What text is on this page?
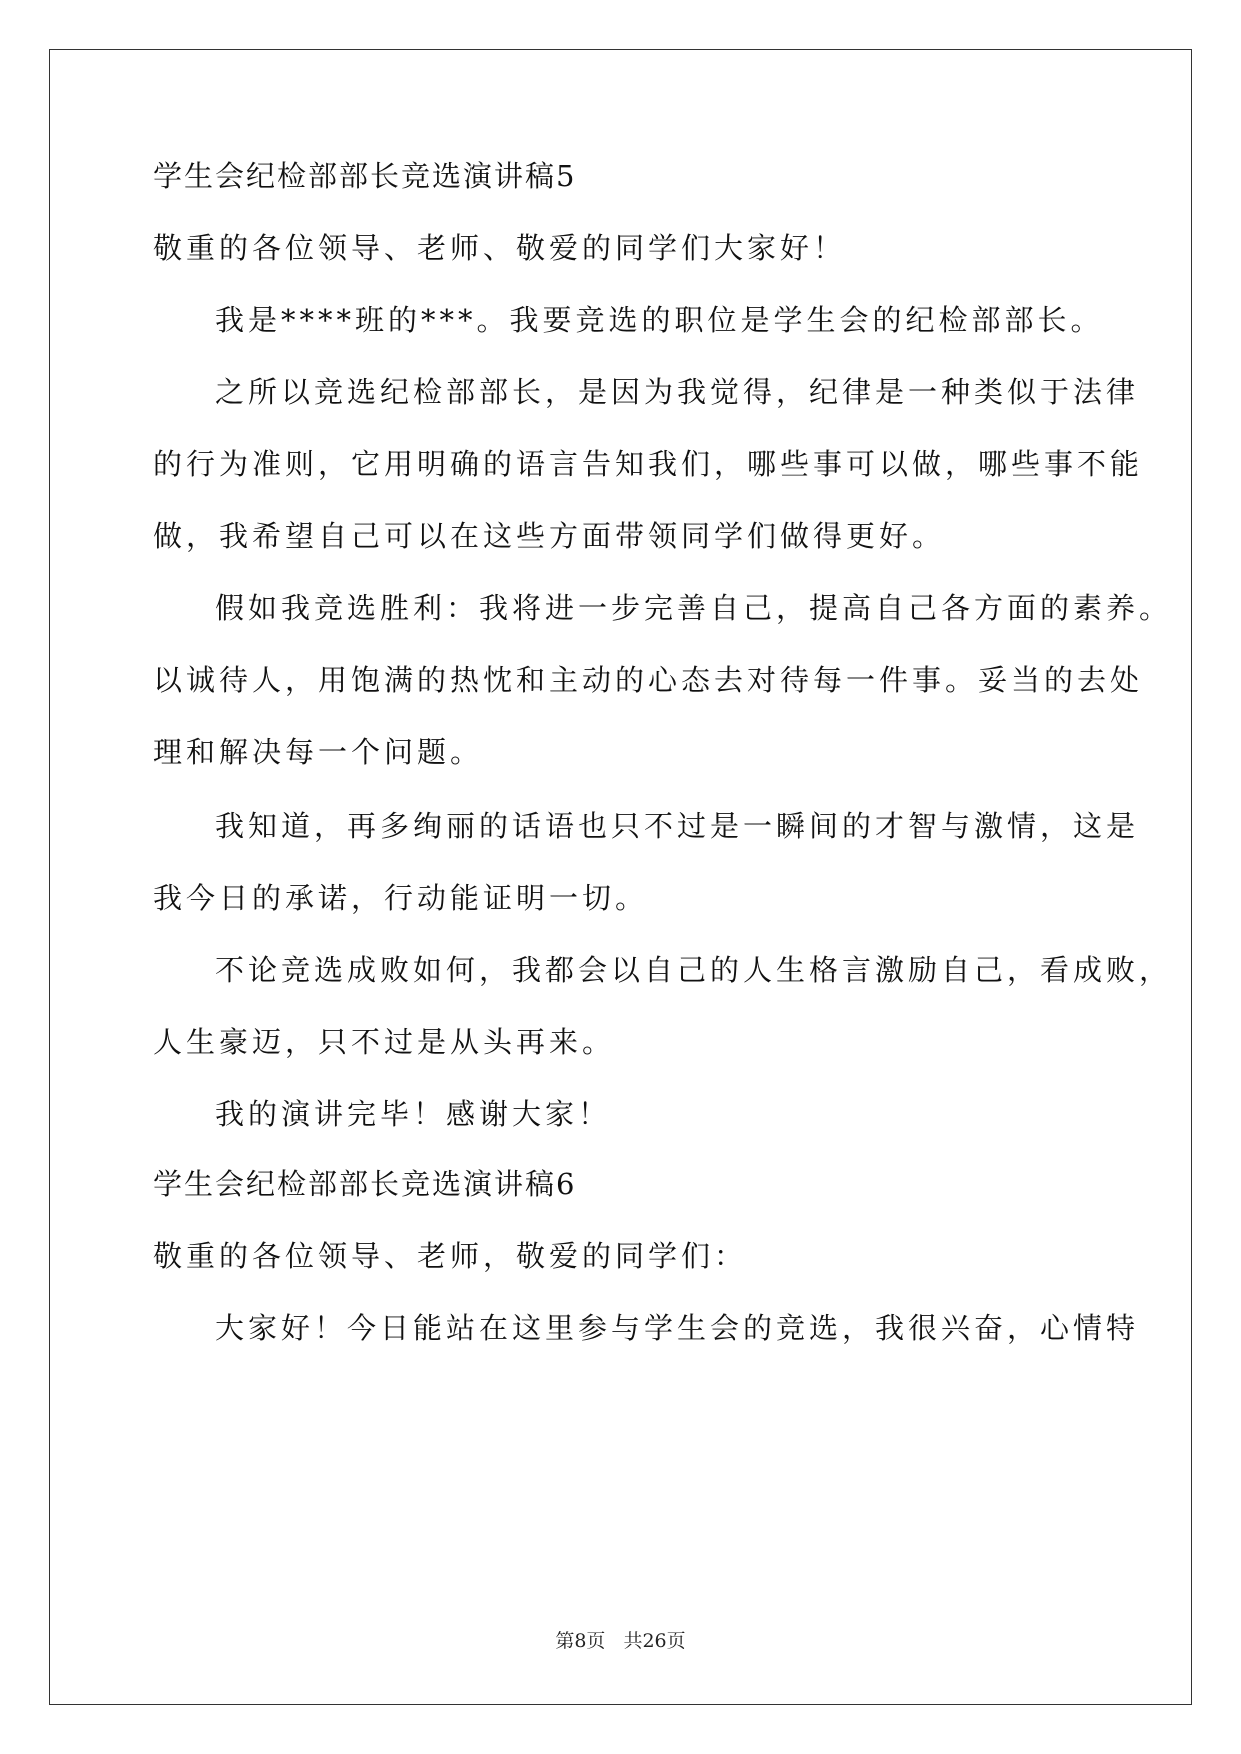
学生会纪检部部长竞选演讲稿5

敬重的各位领导、老师、敬爱的同学们大家好！

我是****班的***。我要竞选的职位是学生会的纪检部部长。

之所以竞选纪检部部长，是因为我觉得，纪律是一种类似于法律

的行为准则，它用明确的语言告知我们，哪些事可以做，哪些事不能

做，我希望自己可以在这些方面带领同学们做得更好。

假如我竞选胜利：我将进一步完善自己，提高自己各方面的素养。

以诚待人，用饱满的热忱和主动的心态去对待每一件事。妥当的去处

理和解决每一个问题。

我知道，再多绚丽的话语也只不过是一瞬间的才智与激情，这是

我今日的承诺，行动能证明一切。

不论竞选成败如何，我都会以自己的人生格言激励自己，看成败，

人生豪迈，只不过是从头再来。

我的演讲完毕！感谢大家！

学生会纪检部部长竞选演讲稿6

敬重的各位领导、老师，敬爱的同学们：

大家好！今日能站在这里参与学生会的竞选，我很兴奋，心情特

第8页 共26页
